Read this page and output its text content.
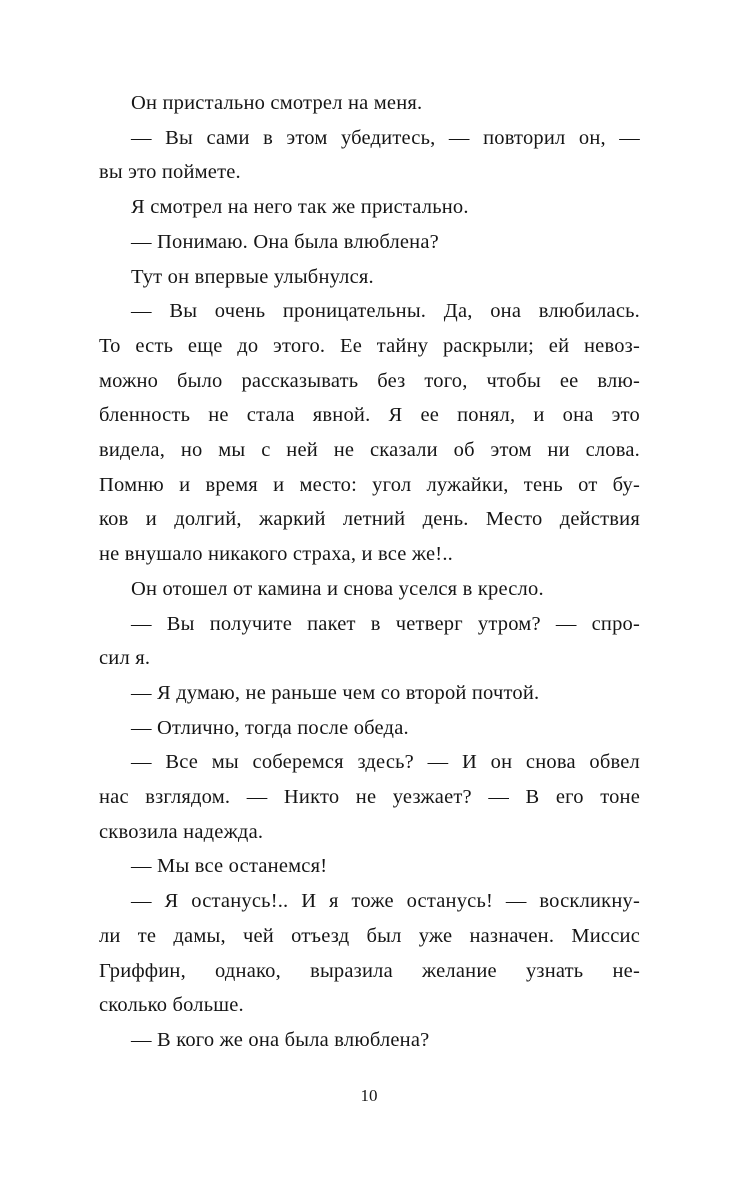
Он пристально смотрел на меня.

— Вы сами в этом убедитесь, — повторил он, —
вы это поймете.

Я смотрел на него так же пристально.

— Понимаю. Она была влюблена?

Тут он впервые улыбнулся.

— Вы очень проницательны. Да, она влюбилась.
То есть еще до этого. Ее тайну раскрыли; ей невоз-
можно было рассказывать без того, чтобы ее влю-
бленность не стала явной. Я ее понял, и она это
видела, но мы с ней не сказали об этом ни слова.
Помню и время и место: угол лужайки, тень от бу-
ков и долгий, жаркий летний день. Место действия
не внушало никакого страха, и все же!..

Он отошел от камина и снова уселся в кресло.

— Вы получите пакет в четверг утром? — спро-
сил я.

— Я думаю, не раньше чем со второй почтой.

— Отлично, тогда после обеда.

— Все мы соберемся здесь? — И он снова обвел
нас взглядом. — Никто не уезжает? — В его тоне
сквозила надежда.

— Мы все останемся!

— Я останусь!.. И я тоже останусь! — воскликну-
ли те дамы, чей отъезд был уже назначен. Миссис
Гриффин, однако, выразила желание узнать не-
сколько больше.

— В кого же она была влюблена?

10
